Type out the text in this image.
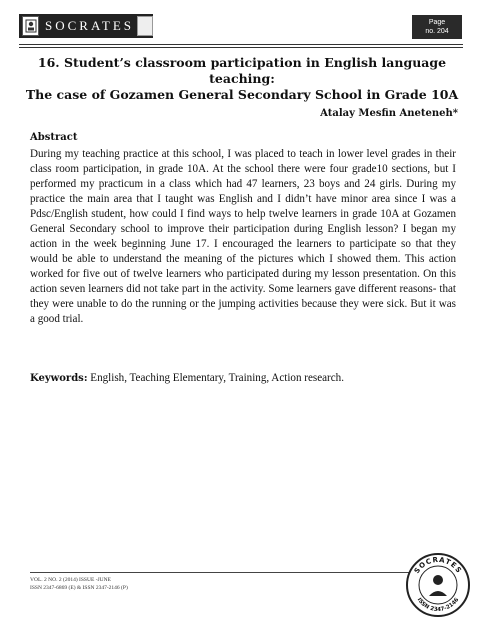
SOCRATES	Page
no. 204
16. Student’s classroom participation in English language teaching:
The case of Gozamen General Secondary School in Grade 10A
Atalay Mesfin Aneteneh*
Abstract

During my teaching practice at this school, I was placed to teach in lower level grades in their class room participation, in grade 10A. At the school there were four grade10 sections, but I performed my practicum in a class which had 47 learners, 23 boys and 24 girls. During my practice the main area that I taught was English and I didn’t have minor area since I was a Pdsc/English student, how could I find ways to help twelve learners in grade 10A at Gozamen General Secondary school to improve their participation during English lesson? I began my action in the week beginning June 17. I encouraged the learners to participate so that they would be able to understand the meaning of the pictures which I showed them. This action worked for five out of twelve learners who participated during my lesson presentation. On this action seven learners did not take part in the activity. Some learners gave different reasons- that they were unable to do the running or the jumping activities because they were sick. But it was a good trial.

Keywords: English, Teaching Elementary, Training, Action research.
VOL. 2 NO. 2 (2014) ISSUE -JUNE
ISSN 2347-6869 (E) & ISSN 2347-2146 (P)
SOCRATES
ISSN 2347-2146
